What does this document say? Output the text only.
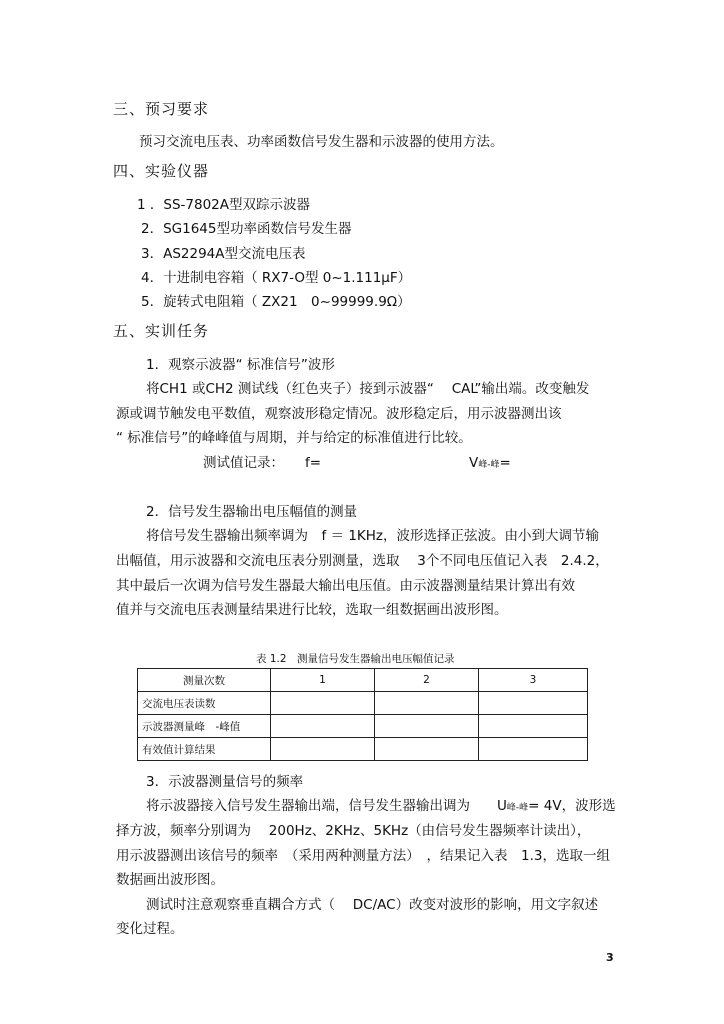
三、预习要求
预习交流电压表、功率函数信号发生器和示波器的使用方法。
四、实验仪器
1 ．SS-7802A型双踪示波器
2．SG1645型功率函数信号发生器
3．AS2294A型交流电压表
4．十进制电容箱（ RX7-O型 0~1.111μF）
5．旋转式电阻箱（ ZX21　0~99999.9Ω）
五、实训任务
1．观察示波器“ 标准信号”波形
将CH1 或CH2 测试线（红色夹子）接到示波器“　 CAL”输出端。改变触发
源或调节触发电平数值，观察波形稳定情况。波形稳定后，用示波器测出该
“ 标准信号”的峰峰值与周期，并与给定的标准值进行比较。
测试值记录： f=	V峰-峰=
2．信号发生器输出电压幅值的测量
将信号发生器输出频率调为　f ＝ 1KHz，波形选择正弦波。由小到大调节输
出幅值，用示波器和交流电压表分别测量，选取　 3个不同电压值记入表　2.4.2，
其中最后一次调为信号发生器最大输出电压值。由示波器测量结果计算出有效
值并与交流电压表测量结果进行比较，选取一组数据画出波形图。
表 1.2　测量信号发生器输出电压幅值记录
测量次数	1	2	3
交流电压表读数			
示波器测量峰　-峰值			
有效值计算结果			
3．示波器测量信号的频率
将示波器接入信号发生器输出端，信号发生器输出调为　　U峰-峰= 4V，波形选
择方波，频率分别调为　 200Hz、2KHz、5KHz（由信号发生器频率计读出），
用示波器测出该信号的频率　（采用两种测量方法）　，结果记入表　1.3，选取一组
数据画出波形图。
测试时注意观察垂直耦合方式（　 DC/AC）改变对波形的影响，用文字叙述
变化过程。
3
